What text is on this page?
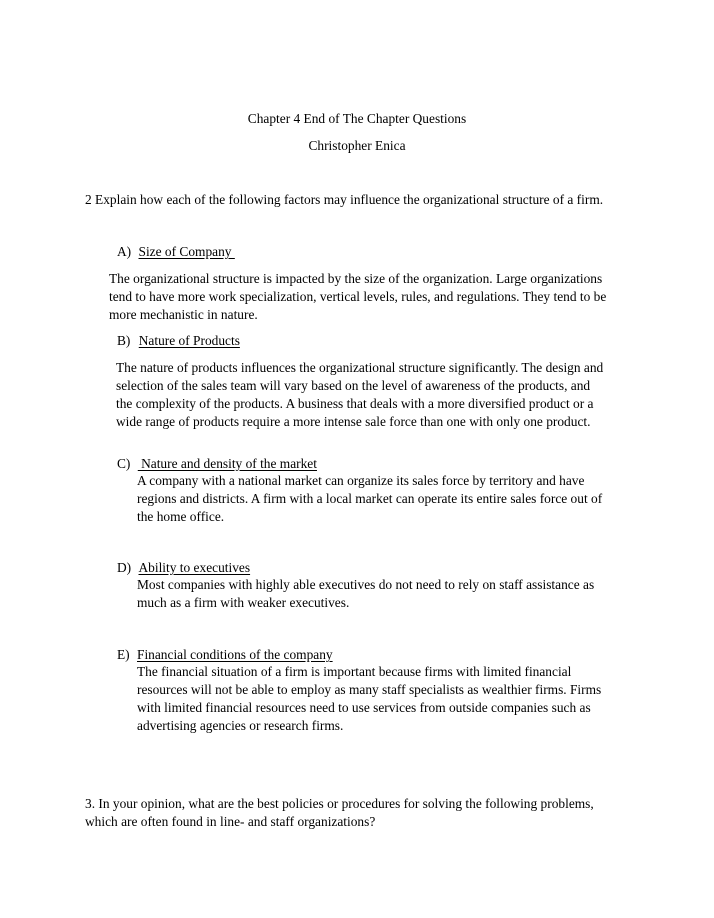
Chapter 4 End of The Chapter Questions

Christopher Enica

2 Explain how each of the following factors may influence the organizational structure of a firm.

A) Size of Company
The organizational structure is impacted by the size of the organization. Large organizations
tend to have more work specialization, vertical levels, rules, and regulations. They tend to be
more mechanistic in nature.
B) Nature of Products
The nature of products influences the organizational structure significantly. The design and
selection of the sales team will vary based on the level of awareness of the products, and
the complexity of the products. A business that deals with a more diversified product or a
wide range of products require a more intense sale force than one with only one product.
C)  Nature and density of the market
A company with a national market can organize its sales force by territory and have
regions and districts. A firm with a local market can operate its entire sales force out of
the home office.
D) Ability to executives
Most companies with highly able executives do not need to rely on staff assistance as
much as a firm with weaker executives.
E) Financial conditions of the company
The financial situation of a firm is important because firms with limited financial
resources will not be able to employ as many staff specialists as wealthier firms. Firms
with limited financial resources need to use services from outside companies such as
advertising agencies or research firms.
3. In your opinion, what are the best policies or procedures for solving the following problems,
which are often found in line- and staff organizations?
